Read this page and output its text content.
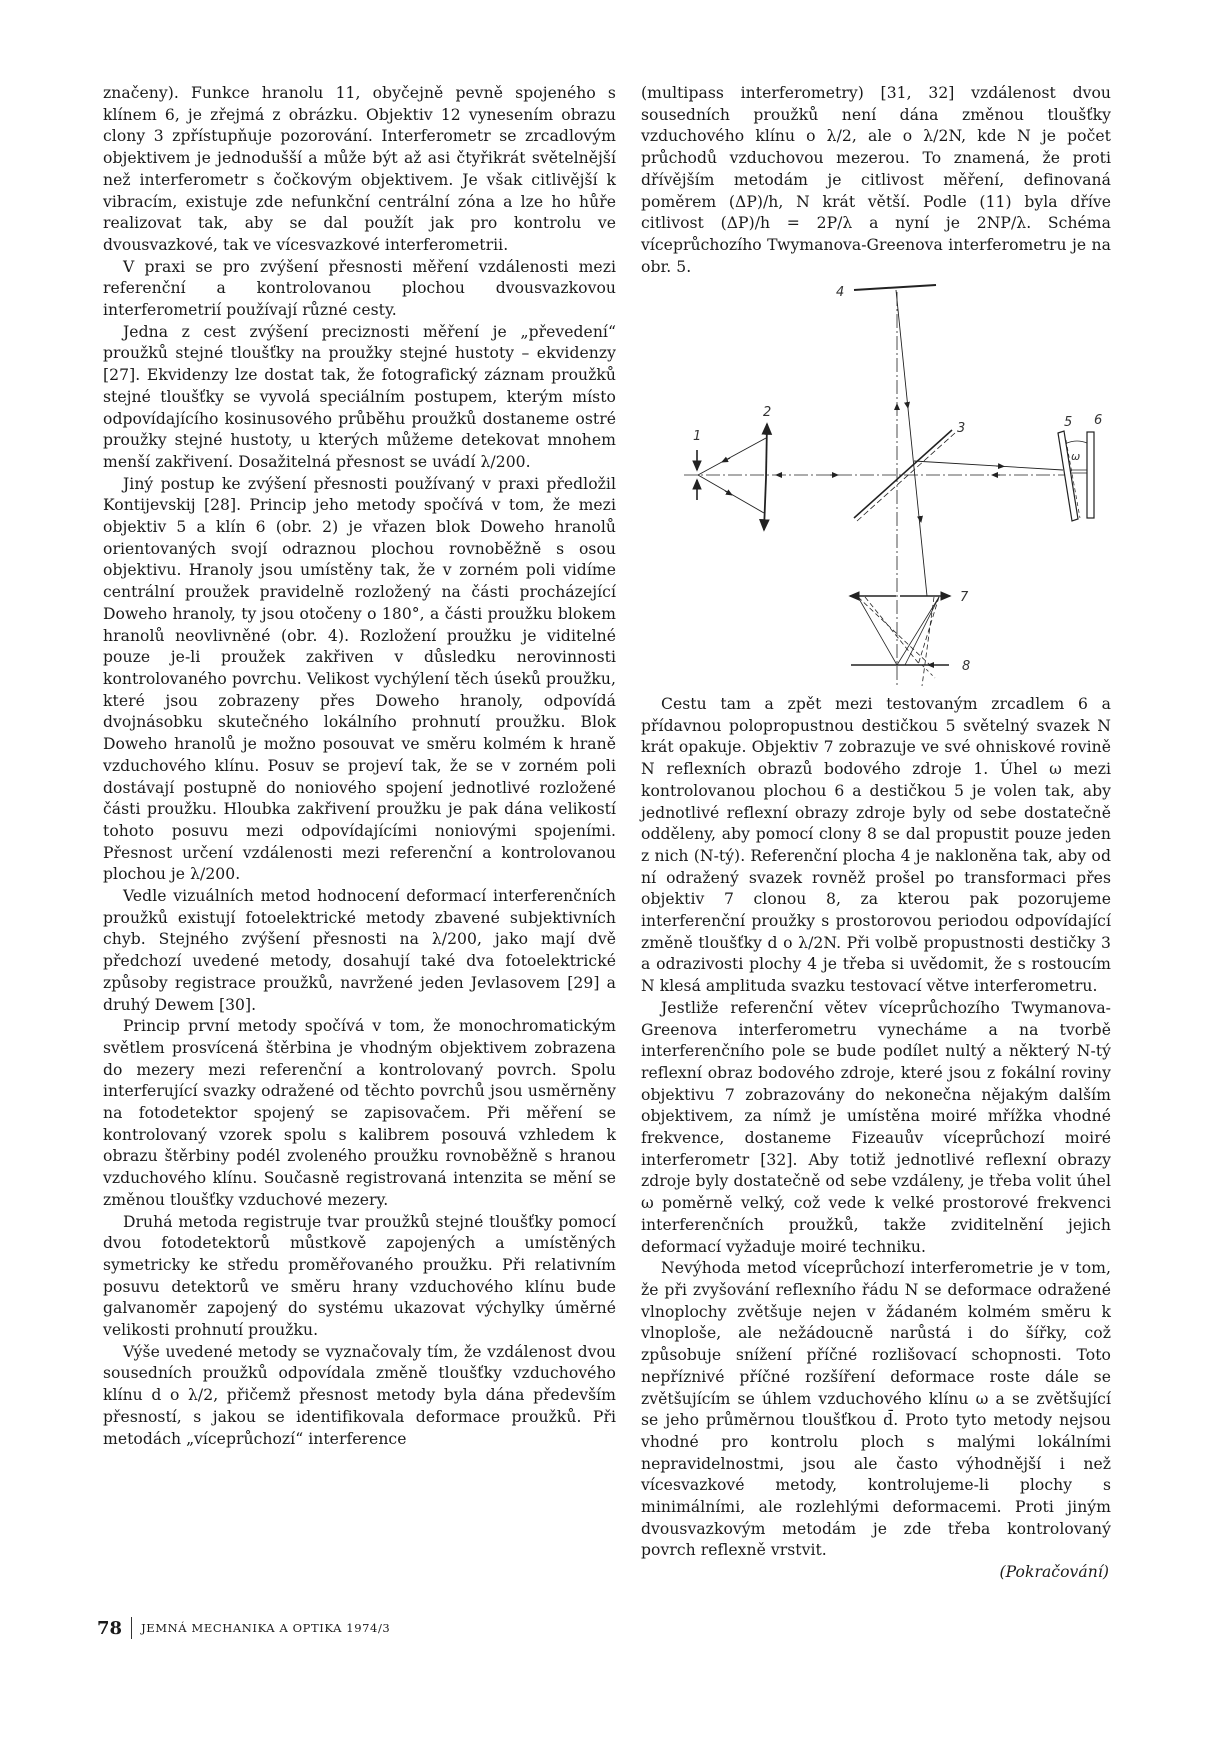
značeny). Funkce hranolu 11, obyčejně pevně spojeného s klínem 6, je zřejmá z obrázku. Objektiv 12 vynesením obrazu clony 3 zpřístupňuje pozorování. Interferometr se zrcadlovým objektivem je jednodušší a může být až asi čtyřikrát světelnější než interferometr s čočkovým objektivem. Je však citlivější k vibracím, existuje zde nefunkční centrální zóna a lze ho hůře realizovat tak, aby se dal použít jak pro kontrolu ve dvousvazkové, tak ve vícesvazkové interferometrii.

V praxi se pro zvýšení přesnosti měření vzdálenosti mezi referenční a kontrolovanou plochou dvousvazkovou interferometrií používají různé cesty.

Jedna z cest zvýšení preciznosti měření je „převedení“ proužků stejné tloušťky na proužky stejné hustoty – ekvidenzy [27]. Ekvidenzy lze dostat tak, že fotografický záznam proužků stejné tloušťky se vyvolá speciálním postupem, kterým místo odpovídajícího kosinusového průběhu proužků dostaneme ostré proužky stejné hustoty, u kterých můžeme detekovat mnohem menší zakřivení. Dosažitelná přesnost se uvádí λ/200.

Jiný postup ke zvýšení přesnosti používaný v praxi předložil Kontijevskij [28]. Princip jeho metody spočívá v tom, že mezi objektiv 5 a klín 6 (obr. 2) je vřazen blok Doweho hranolů orientovaných svojí odraznou plochou rovnoběžně s osou objektivu. Hranoly jsou umístěny tak, že v zorném poli vidíme centrální proužek pravidelně rozložený na části procházející Doweho hranoly, ty jsou otočeny o 180°, a části proužku blokem hranolů neovlivněné (obr. 4). Rozložení proužku je viditelné pouze je-li proužek zakřiven v důsledku nerovinnosti kontrolovaného povrchu. Velikost vychýlení těch úseků proužku, které jsou zobrazeny přes Doweho hranoly, odpovídá dvojnásobku skutečného lokálního prohnutí proužku. Blok Doweho hranolů je možno posouvat ve směru kolmém k hraně vzduchového klínu. Posuv se projeví tak, že se v zorném poli dostávají postupně do noniového spojení jednotlivé rozložené části proužku. Hloubka zakřivení proužku je pak dána velikostí tohoto posuvu mezi odpovídajícími noniovými spojeními. Přesnost určení vzdálenosti mezi referenční a kontrolovanou plochou je λ/200.

Vedle vizuálních metod hodnocení deformací interferenčních proužků existují fotoelektrické metody zbavené subjektivních chyb. Stejného zvýšení přesnosti na λ/200, jako mají dvě předchozí uvedené metody, dosahují také dva fotoelektrické způsoby registrace proužků, navržené jeden Jevlasovem [29] a druhý Dewem [30].

Princip první metody spočívá v tom, že monochromatickým světlem prosvícená štěrbina je vhodným objektivem zobrazena do mezery mezi referenční a kontrolovaný povrch. Spolu interferující svazky odražené od těchto povrchů jsou usměrněny na fotodetektor spojený se zapisovačem. Při měření se kontrolovaný vzorek spolu s kalibrem posouvá vzhledem k obrazu štěrbiny podél zvoleného proužku rovnoběžně s hranou vzduchového klínu. Současně registrovaná intenzita se mění se změnou tloušťky vzduchové mezery.

Druhá metoda registruje tvar proužků stejné tloušťky pomocí dvou fotodetektorů můstkově zapojených a umístěných symetricky ke středu proměřovaného proužku. Při relativním posuvu detektorů ve směru hrany vzduchového klínu bude galvanoměr zapojený do systému ukazovat výchylky úměrné velikosti prohnutí proužku.

Výše uvedené metody se vyznačovaly tím, že vzdálenost dvou sousedních proužků odpovídala změně tloušťky vzduchového klínu d o λ/2, přičemž přesnost metody byla dána především přesností, s jakou se identifikovala deformace proužků. Při metodách „víceprůchozí“ interference

(multipass interferometry) [31, 32] vzdálenost dvou sousedních proužků není dána změnou tloušťky vzduchového klínu o λ/2, ale o λ/2N, kde N je počet průchodů vzduchovou mezerou. To znamená, že proti dřívějším metodám je citlivost měření, definovaná poměrem (ΔP)/h, N krát větší. Podle (11) byla dříve citlivost (ΔP)/h = 2P/λ a nyní je 2NP/λ. Schéma víceprůchozího Twymanova-Greenova interferometru je na obr. 5.

4
1
2
3	5 6
ω
7
8

Cestu tam a zpět mezi testovaným zrcadlem 6 a přídavnou polopropustnou destičkou 5 světelný svazek N krát opakuje. Objektiv 7 zobrazuje ve své ohniskové rovině N reflexních obrazů bodového zdroje 1. Úhel ω mezi kontrolovanou plochou 6 a destičkou 5 je volen tak, aby jednotlivé reflexní obrazy zdroje byly od sebe dostatečně odděleny, aby pomocí clony 8 se dal propustit pouze jeden z nich (N-tý). Referenční plocha 4 je nakloněna tak, aby od ní odražený svazek rovněž prošel po transformaci přes objektiv 7 clonou 8, za kterou pak pozorujeme interferenční proužky s prostorovou periodou odpovídající změně tloušťky d o λ/2N. Při volbě propustnosti destičky 3 a odrazivosti plochy 4 je třeba si uvědomit, že s rostoucím N klesá amplituda svazku testovací větve interferometru.

Jestliže referenční větev víceprůchozího Twymanova-Greenova interferometru vynecháme a na tvorbě interferenčního pole se bude podílet nultý a některý N-tý reflexní obraz bodového zdroje, které jsou z fokální roviny objektivu 7 zobrazovány do nekonečna nějakým dalším objektivem, za nímž je umístěna moiré mřížka vhodné frekvence, dostaneme Fizeauův víceprůchozí moiré interferometr [32]. Aby totiž jednotlivé reflexní obrazy zdroje byly dostatečně od sebe vzdáleny, je třeba volit úhel ω poměrně velký, což vede k velké prostorové frekvenci interferenčních proužků, takže zviditelnění jejich deformací vyžaduje moiré techniku.

Nevýhoda metod víceprůchozí interferometrie je v tom, že při zvyšování reflexního řádu N se deformace odražené vlnoplochy zvětšuje nejen v žádaném kolmém směru k vlnoploše, ale nežádoucně narůstá i do šířky, což způsobuje snížení příčné rozlišovací schopnosti. Toto nepříznivé příčné rozšíření deformace roste dále se zvětšujícím se úhlem vzduchového klínu ω a se zvětšující se jeho průměrnou tloušťkou d̄. Proto tyto metody nejsou vhodné pro kontrolu ploch s malými lokálními nepravidelnostmi, jsou ale často výhodnější i než vícesvazkové metody, kontrolujeme-li plochy s minimálními, ale rozlehlými deformacemi. Proti jiným dvousvazkovým metodám je zde třeba kontrolovaný povrch reflexně vrstvit.

(Pokračování)

78 JEMNÁ MECHANIKA A OPTIKA 1974/3
